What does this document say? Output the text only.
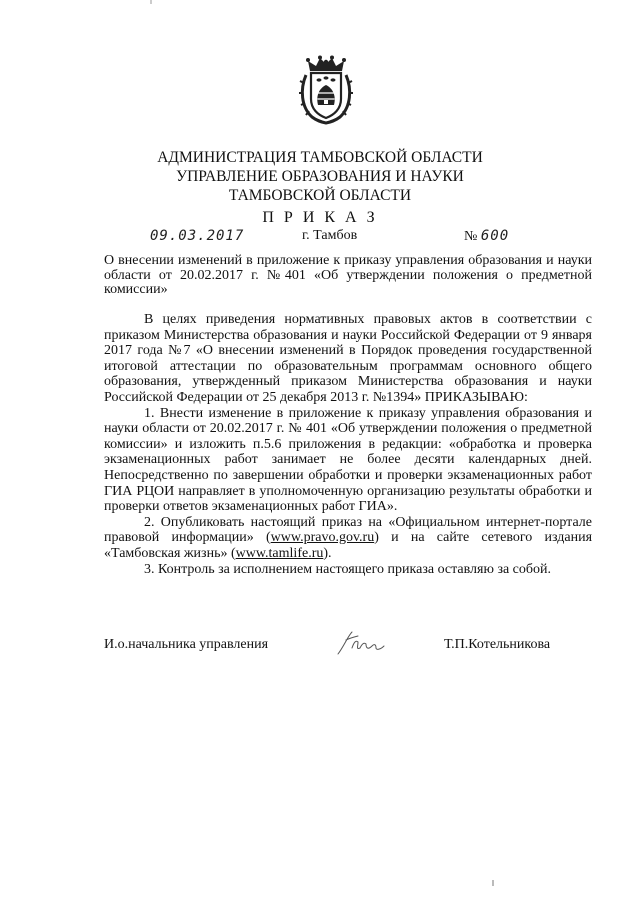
АДМИНИСТРАЦИЯ ТАМБОВСКОЙ ОБЛАСТИ
УПРАВЛЕНИЕ ОБРАЗОВАНИЯ И НАУКИ
ТАМБОВСКОЙ ОБЛАСТИ
П Р И К А З
09.03.2017	г. Тамбов	№ 600
О внесении изменений в приложение к приказу управления образования и науки области от 20.02.2017 г. №401 «Об утверждении положения о предметной комиссии»

В целях приведения нормативных правовых актов в соответствии с приказом Министерства образования и науки Российской Федерации от 9 января 2017 года №7 «О внесении изменений в Порядок проведения государственной итоговой аттестации по образовательным программам основного общего образования, утвержденный приказом Министерства образования и науки Российской Федерации от 25 декабря 2013 г. №1394» ПРИКАЗЫВАЮ:

1. Внести изменение в приложение к приказу управления образования и науки области от 20.02.2017 г. № 401 «Об утверждении положения о предметной комиссии» и изложить п.5.6 приложения в редакции: «обработка и проверка экзаменационных работ занимает не более десяти календарных дней. Непосредственно по завершении обработки и проверки экзаменационных работ ГИА РЦОИ направляет в уполномоченную организацию результаты обработки и проверки ответов экзаменационных работ ГИА».

2. Опубликовать настоящий приказ на «Официальном интернет-портале правовой информации» (www.pravo.gov.ru) и на сайте сетевого издания «Тамбовская жизнь» (www.tamlife.ru).

3. Контроль за исполнением настоящего приказа оставляю за собой.

И.о.начальника управления	Т.П.Котельникова
